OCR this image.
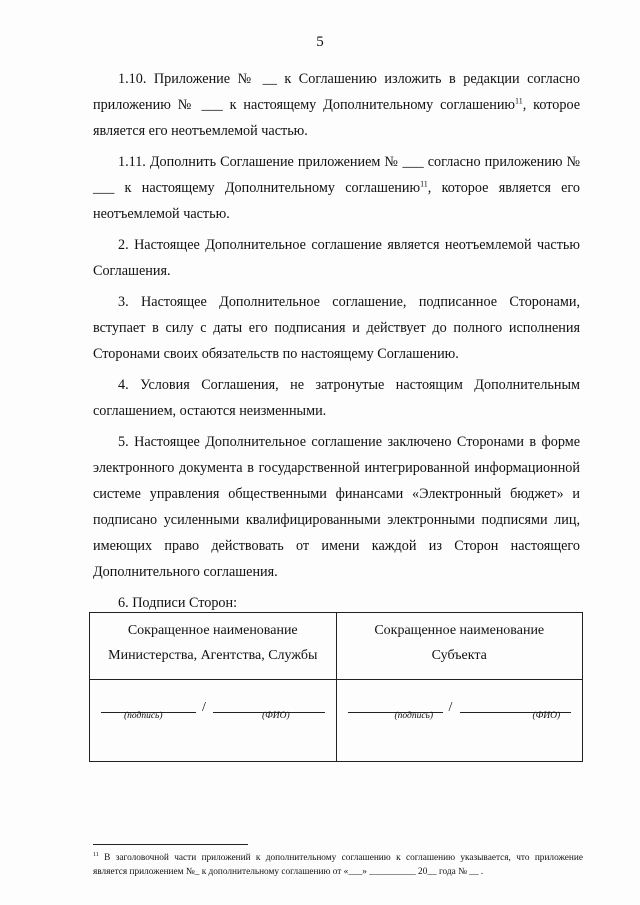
5

1.10. Приложение № __ к Соглашению изложить в редакции согласно приложению № ___ к настоящему Дополнительному соглашению$^{11}$, которое является его неотъемлемой частью.

1.11. Дополнить Соглашение приложением № ___ согласно приложению № ___ к настоящему Дополнительному соглашению$^{11}$, которое является его неотъемлемой частью.

2. Настоящее Дополнительное соглашение является неотъемлемой частью Соглашения.

3. Настоящее Дополнительное соглашение, подписанное Сторонами, вступает в силу с даты его подписания и действует до полного исполнения Сторонами своих обязательств по настоящему Соглашению.

4. Условия Соглашения, не затронутые настоящим Дополнительным соглашением, остаются неизменными.

5. Настоящее Дополнительное соглашение заключено Сторонами в форме электронного документа в государственной интегрированной информационной системе управления общественными финансами «Электронный бюджет» и подписано усиленными квалифицированными электронными подписями лиц, имеющих право действовать от имени каждой из Сторон настоящего Дополнительного соглашения.

6. Подписи Сторон:

Сокращенное наименование
Министерства, Агентства, Службы
/
(подпись)	(ФИО)
Сокращенное наименование
Субъекта
/
(подпись)	(ФИО)
$^{11}$ В заголовочной части приложений к дополнительному соглашению к соглашению указывается, что приложение является приложением №_ к дополнительному соглашению от «___» __________ 20__ года № __ .
